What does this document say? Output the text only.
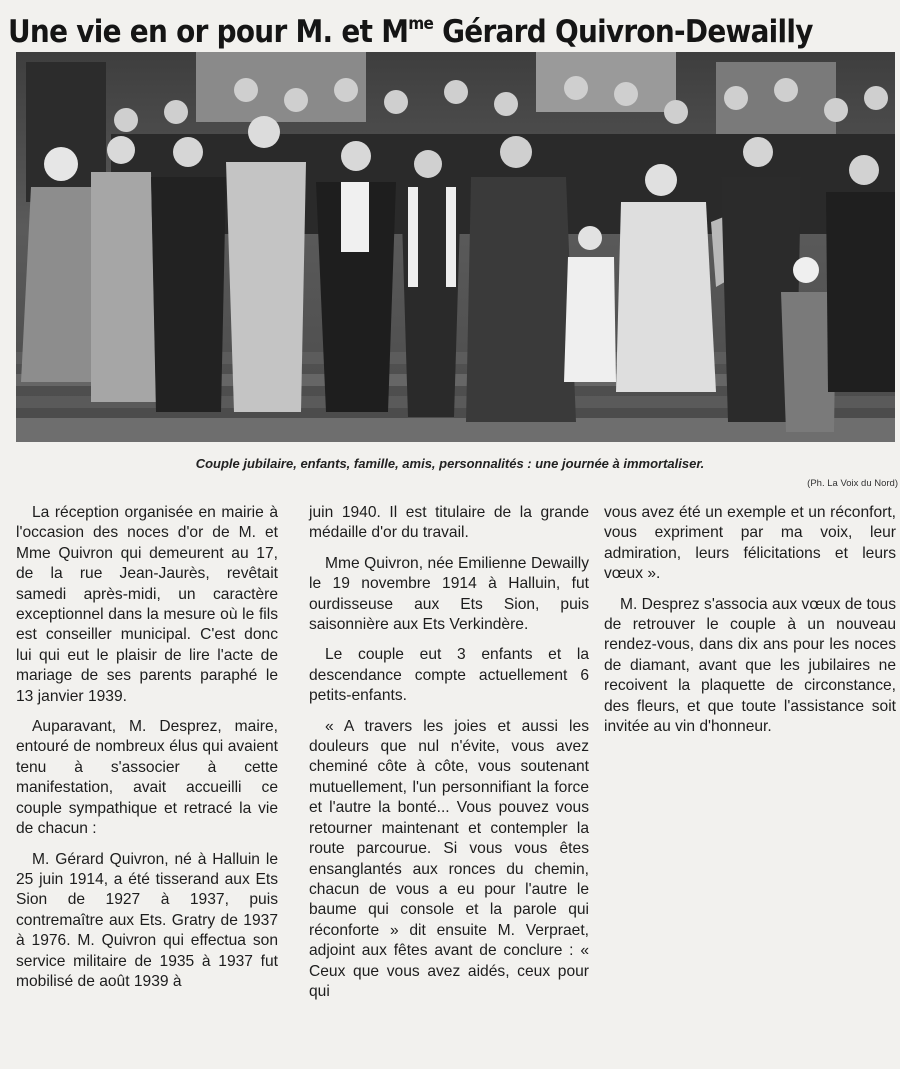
Une vie en or pour M. et $M^{me}$ Gérard Quivron-Dewailly
Couple jubilaire, enfants, famille, amis, personnalités : une journée à immortaliser.
(Ph. La Voix du Nord)

La réception organisée en mairie à l'occasion des noces d'or de M. et Mme Quivron qui demeurent au 17, de la rue Jean-Jaurès, revêtait samedi après-midi, un caractère exceptionnel dans la mesure où le fils est conseiller municipal. C'est donc lui qui eut le plaisir de lire l'acte de mariage de ses parents paraphé le 13 janvier 1939.

Auparavant, M. Desprez, maire, entouré de nombreux élus qui avaient tenu à s'associer à cette manifestation, avait accueilli ce couple sympathique et retracé la vie de chacun :

M. Gérard Quivron, né à Halluin le 25 juin 1914, a été tisserand aux Ets Sion de 1927 à 1937, puis contremaître aux Ets. Gratry de 1937 à 1976. M. Quivron qui effectua son service militaire de 1935 à 1937 fut mobilisé de août 1939 à

juin 1940. Il est titulaire de la grande médaille d'or du travail.

Mme Quivron, née Emilienne Dewailly le 19 novembre 1914 à Halluin, fut ourdisseuse aux Ets Sion, puis saisonnière aux Ets Verkindère.

Le couple eut 3 enfants et la descendance compte actuellement 6 petits-enfants.

« A travers les joies et aussi les douleurs que nul n'évite, vous avez cheminé côte à côte, vous soutenant mutuellement, l'un personnifiant la force et l'autre la bonté... Vous pouvez vous retourner maintenant et contempler la route parcourue. Si vous vous êtes ensanglantés aux ronces du chemin, chacun de vous a eu pour l'autre le baume qui console et la parole qui réconforte » dit ensuite M. Verpraet, adjoint aux fêtes avant de conclure : « Ceux que vous avez aidés, ceux pour qui

vous avez été un exemple et un réconfort, vous expriment par ma voix, leur admiration, leurs félicitations et leurs vœux ».

M. Desprez s'associa aux vœux de tous de retrouver le couple à un nouveau rendez-vous, dans dix ans pour les noces de diamant, avant que les jubilaires ne recoivent la plaquette de circonstance, des fleurs, et que toute l'assistance soit invitée au vin d'honneur.
